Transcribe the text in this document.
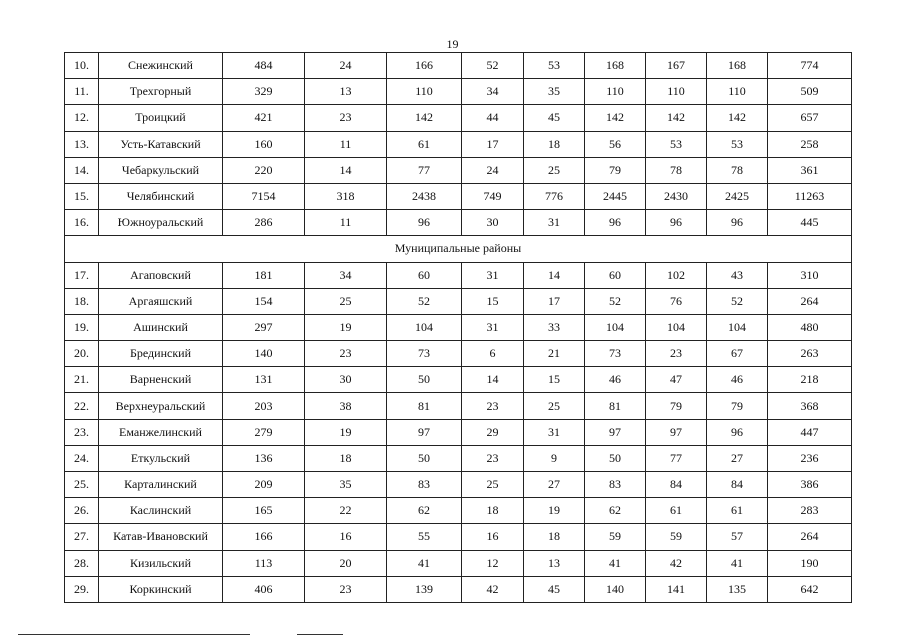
19
10.	Снежинский	484	24	166	52	53	168	167	168	774
11.	Трехгорный	329	13	110	34	35	110	110	110	509
12.	Троицкий	421	23	142	44	45	142	142	142	657
13.	Усть-Катавский	160	11	61	17	18	56	53	53	258
14.	Чебаркульский	220	14	77	24	25	79	78	78	361
15.	Челябинский	7154	318	2438	749	776	2445	2430	2425	11263
16.	Южноуральский	286	11	96	30	31	96	96	96	445
Муниципальные районы										
17.	Агаповский	181	34	60	31	14	60	102	43	310
18.	Аргаяшский	154	25	52	15	17	52	76	52	264
19.	Ашинский	297	19	104	31	33	104	104	104	480
20.	Брединский	140	23	73	6	21	73	23	67	263
21.	Варненский	131	30	50	14	15	46	47	46	218
22.	Верхнеуральский	203	38	81	23	25	81	79	79	368
23.	Еманжелинский	279	19	97	29	31	97	97	96	447
24.	Еткульский	136	18	50	23	9	50	77	27	236
25.	Карталинский	209	35	83	25	27	83	84	84	386
26.	Каслинский	165	22	62	18	19	62	61	61	283
27.	Катав-Ивановский	166	16	55	16	18	59	59	57	264
28.	Кизильский	113	20	41	12	13	41	42	41	190
29.	Коркинский	406	23	139	42	45	140	141	135	642
